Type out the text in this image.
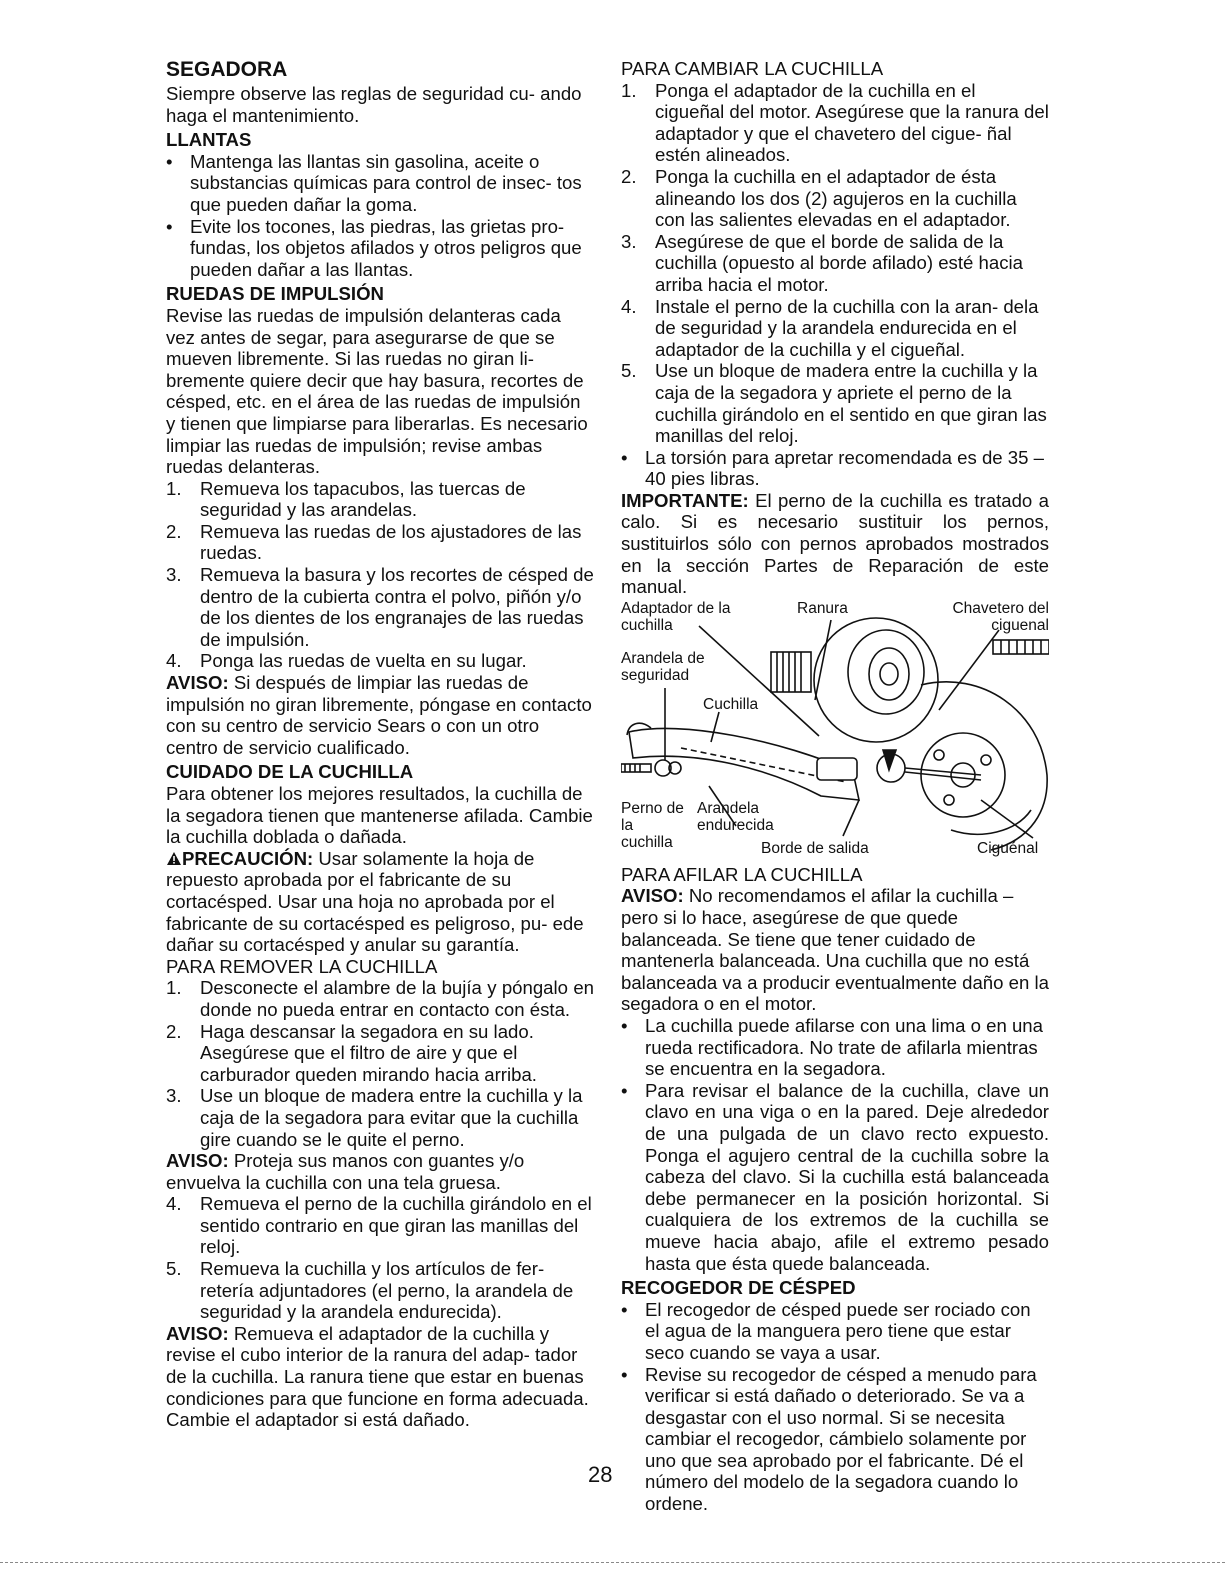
SEGADORA

Siempre observe las reglas de seguridad cu- ando haga el mantenimiento.

LLANTAS
• Mantenga las llantas sin gasolina, aceite o substancias químicas para control de insec- tos que pueden dañar la goma.
• Evite los tocones, las piedras, las grietas pro- fundas, los objetos afilados y otros peligros que pueden dañar a las llantas.
RUEDAS DE IMPULSIÓN

Revise las ruedas de impulsión delanteras cada vez antes de segar, para asegurarse de que se mueven libremente. Si las ruedas no giran li- bremente quiere decir que hay basura, recortes de césped, etc. en el área de las ruedas de impulsión y tienen que limpiarse para liberarlas. Es necesario limpiar las ruedas de impulsión; revise ambas ruedas delanteras.

1. Remueva los tapacubos, las tuercas de seguridad y las arandelas.
2. Remueva las ruedas de los ajustadores de las ruedas.
3. Remueva la basura y los recortes de césped de dentro de la cubierta contra el polvo, piñón y/o de los dientes de los engranajes de las ruedas de impulsión.
4. Ponga las ruedas de vuelta en su lugar.

AVISO: Si después de limpiar las ruedas de impulsión no giran libremente, póngase en contacto con su centro de servicio Sears o con un otro centro de servicio cualificado.

CUIDADO DE LA CUCHILLA

Para obtener los mejores resultados, la cuchilla de la segadora tienen que mantenerse afilada. Cambie la cuchilla doblada o dañada.

PRECAUCIÓN: Usar solamente la hoja de repuesto aprobada por el fabricante de su cortacésped. Usar una hoja no aprobada por el fabricante de su cortacésped es peligroso, pu- ede dañar su cortacésped y anular su garantía.

PARA REMOVER LA CUCHILLA
1. Desconecte el alambre de la bujía y póngalo en donde no pueda entrar en contacto con ésta.
2. Haga descansar la segadora en su lado. Asegúrese que el filtro de aire y que el carburador queden mirando hacia arriba.
3. Use un bloque de madera entre la cuchilla y la caja de la segadora para evitar que la cuchilla gire cuando se le quite el perno.

AVISO: Proteja sus manos con guantes y/o envuelva la cuchilla con una tela gruesa.

4. Remueva el perno de la cuchilla girándolo en el sentido contrario en que giran las manillas del reloj.
5. Remueva la cuchilla y los artículos de fer- retería adjuntadores (el perno, la arandela de seguridad y la arandela endurecida).

AVISO: Remueva el adaptador de la cuchilla y revise el cubo interior de la ranura del adap- tador de la cuchilla. La ranura tiene que estar en buenas condiciones para que funcione en forma adecuada. Cambie el adaptador si está dañado.

PARA CAMBIAR LA CUCHILLA
1. Ponga el adaptador de la cuchilla en el cigueñal del motor. Asegúrese que la ranura del adaptador y que el chavetero del cigue- ñal estén alineados.
2. Ponga la cuchilla en el adaptador de ésta alineando los dos (2) agujeros en la cuchilla con las salientes elevadas en el adaptador.
3. Asegúrese de que el borde de salida de la cuchilla (opuesto al borde afilado) esté hacia arriba hacia el motor.
4. Instale el perno de la cuchilla con la aran- dela de seguridad y la arandela endurecida en el adaptador de la cuchilla y el cigueñal.
5. Use un bloque de madera entre la cuchilla y la caja de la segadora y apriete el perno de la cuchilla girándolo en el sentido en que giran las manillas del reloj.
• La torsión para apretar recomendada es de 35 – 40 pies libras.

IMPORTANTE: El perno de la cuchilla es tratado a calo. Si es necesario sustituir los pernos, sustituirlos sólo con pernos aprobados mostrados en la sección Partes de Reparación de este manual.

Adaptador de la cuchilla
Ranura	Chavetero del ciguenal
Arandela de seguridad
Cuchilla
Perno de la cuchilla
Arandela endurecida
Borde de salida	Ciguénal
PARA AFILAR LA CUCHILLA

AVISO: No recomendamos el afilar la cuchilla – pero si lo hace, asegúrese de que quede balanceada. Se tiene que tener cuidado de mantenerla balanceada. Una cuchilla que no está balanceada va a producir eventualmente daño en la segadora o en el motor.

• La cuchilla puede afilarse con una lima o en una rueda rectificadora. No trate de afilarla mientras se encuentra en la segadora.
• Para revisar el balance de la cuchilla, clave un clavo en una viga o en la pared. Deje alrededor de una pulgada de un clavo recto expuesto. Ponga el agujero central de la cuchilla sobre la cabeza del clavo. Si la cuchilla está balanceada debe permanecer en la posición horizontal. Si cualquiera de los extremos de la cuchilla se mueve hacia abajo, afile el extremo pesado hasta que ésta quede balanceada.
RECOGEDOR DE CÉSPED
• El recogedor de césped puede ser rociado con el agua de la manguera pero tiene que estar seco cuando se vaya a usar.
• Revise su recogedor de césped a menudo para verificar si está dañado o deteriorado. Se va a desgastar con el uso normal. Si se necesita cambiar el recogedor, cámbielo solamente por uno que sea aprobado por el fabricante. Dé el número del modelo de la segadora cuando lo ordene.
28
